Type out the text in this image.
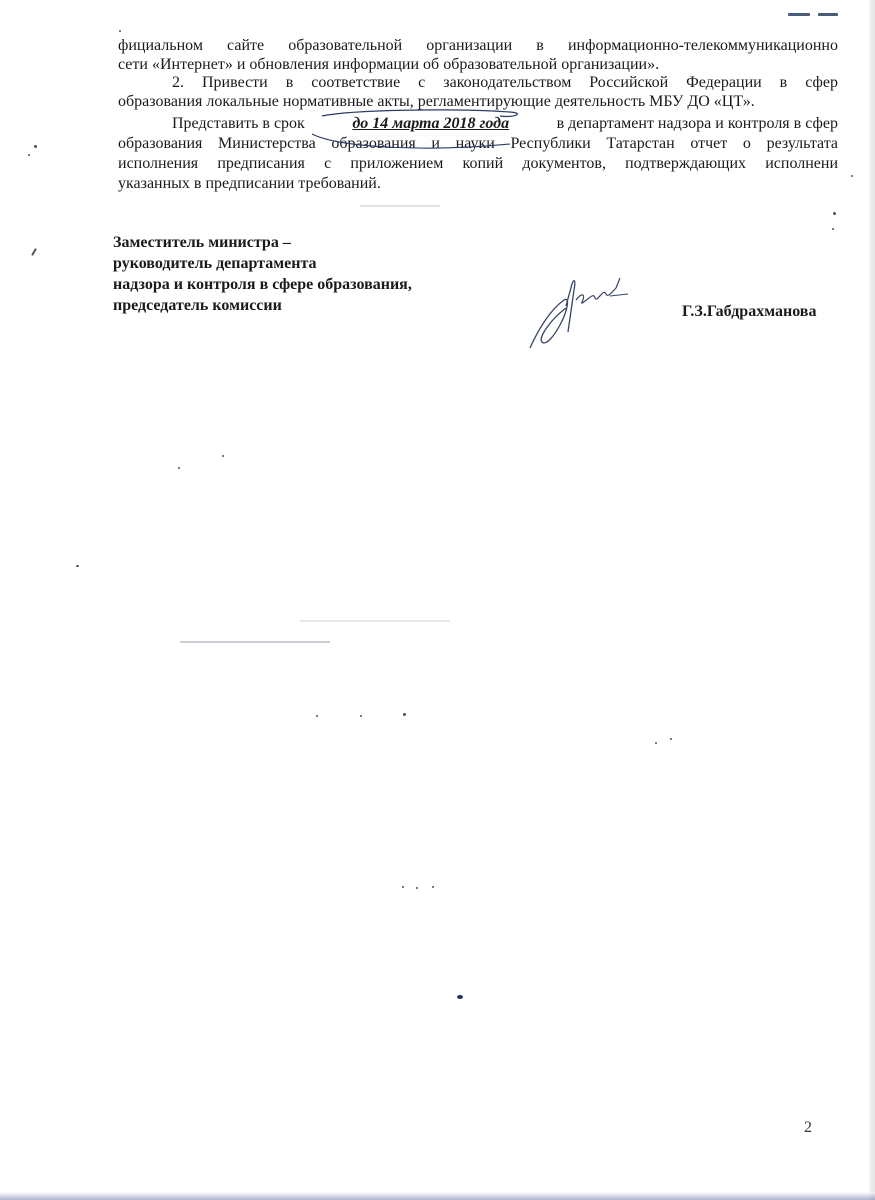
фициальном сайте образовательной организации в информационно-телекоммуникационно
сети «Интернет» и обновления информации об образовательной организации».
2. Привести в соответствие с законодательством Российской Федерации в сфер
образования локальные нормативные акты, регламентирующие деятельность МБУ ДО «ЦТ».
Представить в срок	до 14 марта 2018 года	в департамент надзора и контроля в сфер
образования Министерства образования и науки Республики Татарстан отчет о результата
исполнения предписания с приложением копий документов, подтверждающих исполнени
указанных в предписании требований.
Заместитель министра –
руководитель департамента
надзора и контроля в сфере образования,
председатель комиссии	Г.З.Габдрахманова
2
